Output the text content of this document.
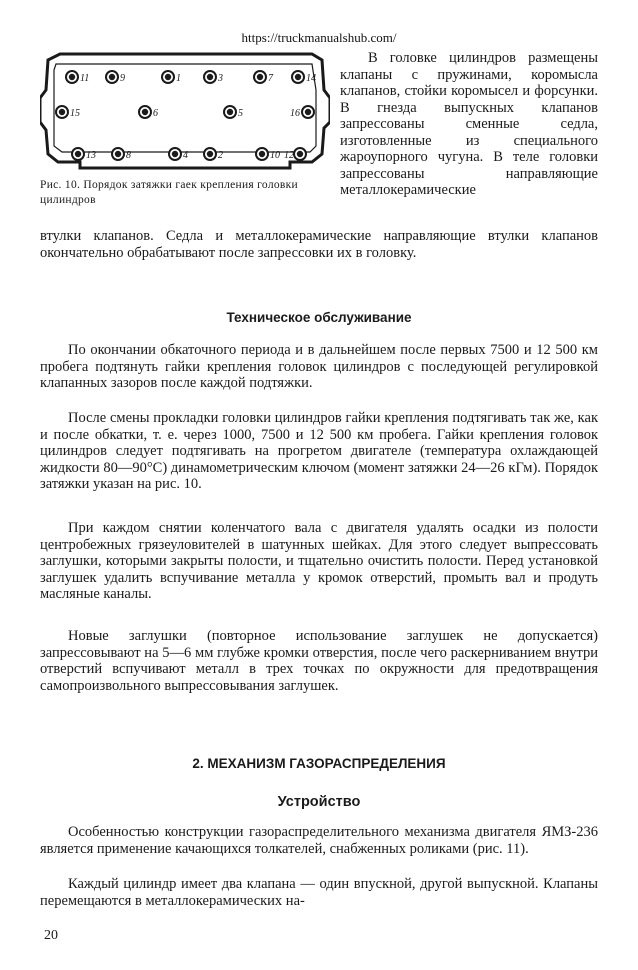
https://truckmanualshub.com/
11	9	1	3	7	14
15	6	5	16
13	8	4	2	10 12
Рис. 10. Порядок затяжки гаек крепления головки цилиндров
В головке цилиндров размещены клапаны с пружинами, коромысла клапанов, стойки коромысел и форсунки. В гнезда выпускных клапанов запрессованы сменные седла, изготовленные из специального жароупорного чугуна. В теле головки запрессованы направляющие металлокерамические

втулки клапанов. Седла и металлокерамические направляющие втулки клапанов окончательно обрабатывают после запрессовки их в головку.

Техническое обслуживание

По окончании обкаточного периода и в дальнейшем после первых 7500 и 12 500 км пробега подтянуть гайки крепления головок цилиндров с последующей регулировкой клапанных зазоров после каждой подтяжки.

После смены прокладки головки цилиндров гайки крепления подтягивать так же, как и после обкатки, т. е. через 1000, 7500 и 12 500 км пробега. Гайки крепления головок цилиндров следует подтягивать на прогретом двигателе (температура охлаждающей жидкости 80—90°С) динамометрическим ключом (момент затяжки 24—26 кГм). Порядок затяжки указан на рис. 10.

При каждом снятии коленчатого вала с двигателя удалять осадки из полости центробежных грязеуловителей в шатунных шейках. Для этого следует выпрессовать заглушки, которыми закрыты полости, и тщательно очистить полости. Перед установкой заглушек удалить вспучивание металла у кромок отверстий, промыть вал и продуть масляные каналы.

Новые заглушки (повторное использование заглушек не допускается) запрессовывают на 5—6 мм глубже кромки отверстия, после чего раскерниванием внутри отверстий вспучивают металл в трех точках по окружности для предотвращения самопроизвольного выпрессовывания заглушек.

2. МЕХАНИЗМ ГАЗОРАСПРЕДЕЛЕНИЯ
Устройство

Особенностью конструкции газораспределительного механизма двигателя ЯМЗ-236 является применение качающихся толкателей, снабженных роликами (рис. 11).

Каждый цилиндр имеет два клапана — один впускной, другой выпускной. Клапаны перемещаются в металлокерамических на-

20
